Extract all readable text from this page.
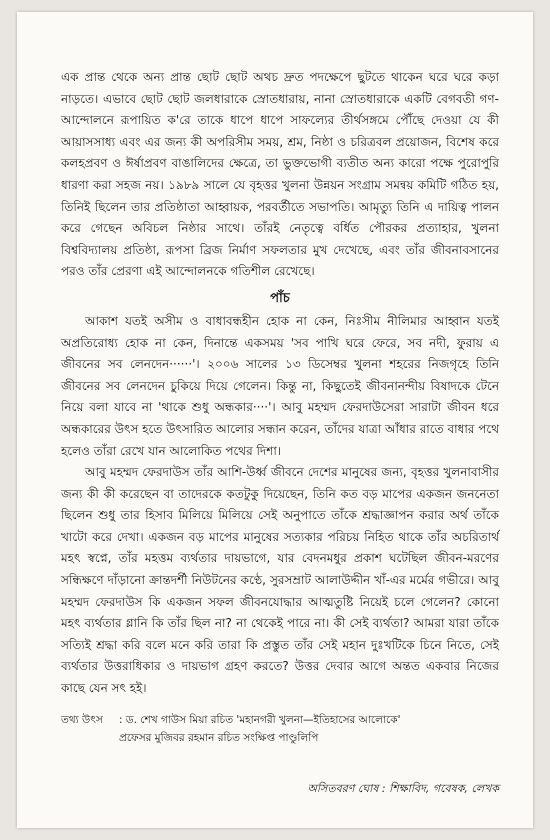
এক প্রান্ত থেকে অন্য প্রান্ত ছোট ছোট অথচ দ্রুত পদক্ষেপে ছুটতে থাকেন ঘরে ঘরে কড়া নাড়তে। এভাবে ছোট ছোট জলধারাকে স্রোতধারায়, নানা স্রোতধারাকে একটি বেগবতী গণ-আন্দোলনে রূপায়িত ক'রে তাকে ধাপে ধাপে সাফল্যের তীর্থসঙ্গমে পৌঁছে দেওয়া যে কী আয়াসসাধ্য এবং এর জন্য কী অপরিসীম সময়, শ্রম, নিষ্ঠা ও চরিত্রবল প্রয়োজন, বিশেষ করে কলহপ্রবণ ও ঈর্ষাপ্রবণ বাঙালিদের ক্ষেত্রে, তা ভুক্তভোগী ব্যতীত অন্য কারো পক্ষে পুরোপুরি ধারণা করা সহজ নয়। ১৯৮৯ সালে যে বৃহত্তর খুলনা উন্নয়ন সংগ্রাম সমন্বয় কমিটি গঠিত হয়, তিনিই ছিলেন তার প্রতিষ্ঠাতা আহ্বায়ক, পরবর্তীতে সভাপতি। আমৃত্যু তিনি এ দায়িত্ব পালন করে গেছেন অবিচল নিষ্ঠার সাথে। তাঁরই নেতৃত্বে বর্ধিত পৌরকর প্রত্যাহার, খুলনা বিশ্ববিদ্যালয় প্রতিষ্ঠা, রূপসা ব্রিজ নির্মাণ সফলতার মুখ দেখেছে, এবং তাঁর জীবনাবসানের পরও তাঁর প্রেরণা এই আন্দোলনকে গতিশীল রেখেছে।

পাঁচ

আকাশ যতই অসীম ও বাধাবন্ধহীন হোক না কেন, নিঃসীম নীলিমার আহ্বান যতই অপ্রতিরোধ্য হোক না কেন, দিনান্তে একসময় 'সব পাখি ঘরে ফেরে, সব নদী, ফুরায় এ জীবনের সব লেনদেন······'। ২০০৬ সালের ১৩ ডিসেম্বর খুলনা শহরের নিজগৃহে তিনি জীবনের সব লেনদেন চুকিয়ে দিয়ে গেলেন। কিন্তু না, কিছুতেই জীবনানন্দীয় বিষাদকে টেনে নিয়ে বলা যাবে না 'থাকে শুধু অন্ধকার····'। আবু মহম্মদ ফেরদাউসেরা সারাটা জীবন ধরে অন্ধকারের উৎস হতে উৎসারিত আলোর সন্ধান করেন, তাঁদের যাত্রা আঁধার রাতে বাধার পথে হলেও তাঁরা রেখে যান আলোকিত পথের দিশা।

আবু মহম্মদ ফেরদাউস তাঁর আশি-উর্ধ্ব জীবনে দেশের মানুষের জন্য, বৃহত্তর খুলনাবাসীর জন্য কী কী করেছেন বা তাদেরকে কতটুকু দিয়েছেন, তিনি কত বড় মাপের একজন জননেতা ছিলেন শুধু তার হিসাব মিলিয়ে মিলিয়ে সেই অনুপাতে তাঁকে শ্রদ্ধাজ্ঞাপন করার অর্থ তাঁকে খাটো করে দেখা। একজন বড় মাপের মানুষের সত্যকার পরিচয় নিহিত থাকে তাঁর অচরিতার্থ মহৎ স্বপ্নে, তাঁর মহত্তম ব্যর্থতার দায়ভাগে, যার বেদনমধুর প্রকাশ ঘটেছিল জীবন-মরণের সন্ধিক্ষণে দাঁড়ানো ক্রান্তদর্শী নিউটনের কণ্ঠে, সুরসম্রাট আলাউদ্দীন খাঁ-এর মর্মের গভীরে। আবু মহম্মদ ফেরদাউস কি একজন সফল জীবনযোদ্ধার আত্মতুষ্টি নিয়েই চলে গেলেন? কোনো মহৎ ব্যর্থতার গ্লানি কি তাঁর ছিল না? না থেকেই পারে না। কী সেই ব্যর্থতা? আমরা যারা তাঁকে সত্যিই শ্রদ্ধা করি বলে মনে করি তারা কি প্রস্তুত তাঁর সেই মহান দুঃখটিকে চিনে নিতে, সেই ব্যর্থতার উত্তরাধিকার ও দায়ভাগ গ্রহণ করতে? উত্তর দেবার আগে অন্তত একবার নিজের কাছে যেন সৎ হই।

তথ্য উৎস	: ড. শেখ গাউস মিয়া রচিত 'মহানগরী খুলনা—ইতিহাসের আলোকে'
প্রফেসর মুজিবর রহমান রচিত সংক্ষিপ্ত পাণ্ডুলিপি
অসিতবরণ ঘোষ : শিক্ষাবিদ, গবেষক, লেখক
